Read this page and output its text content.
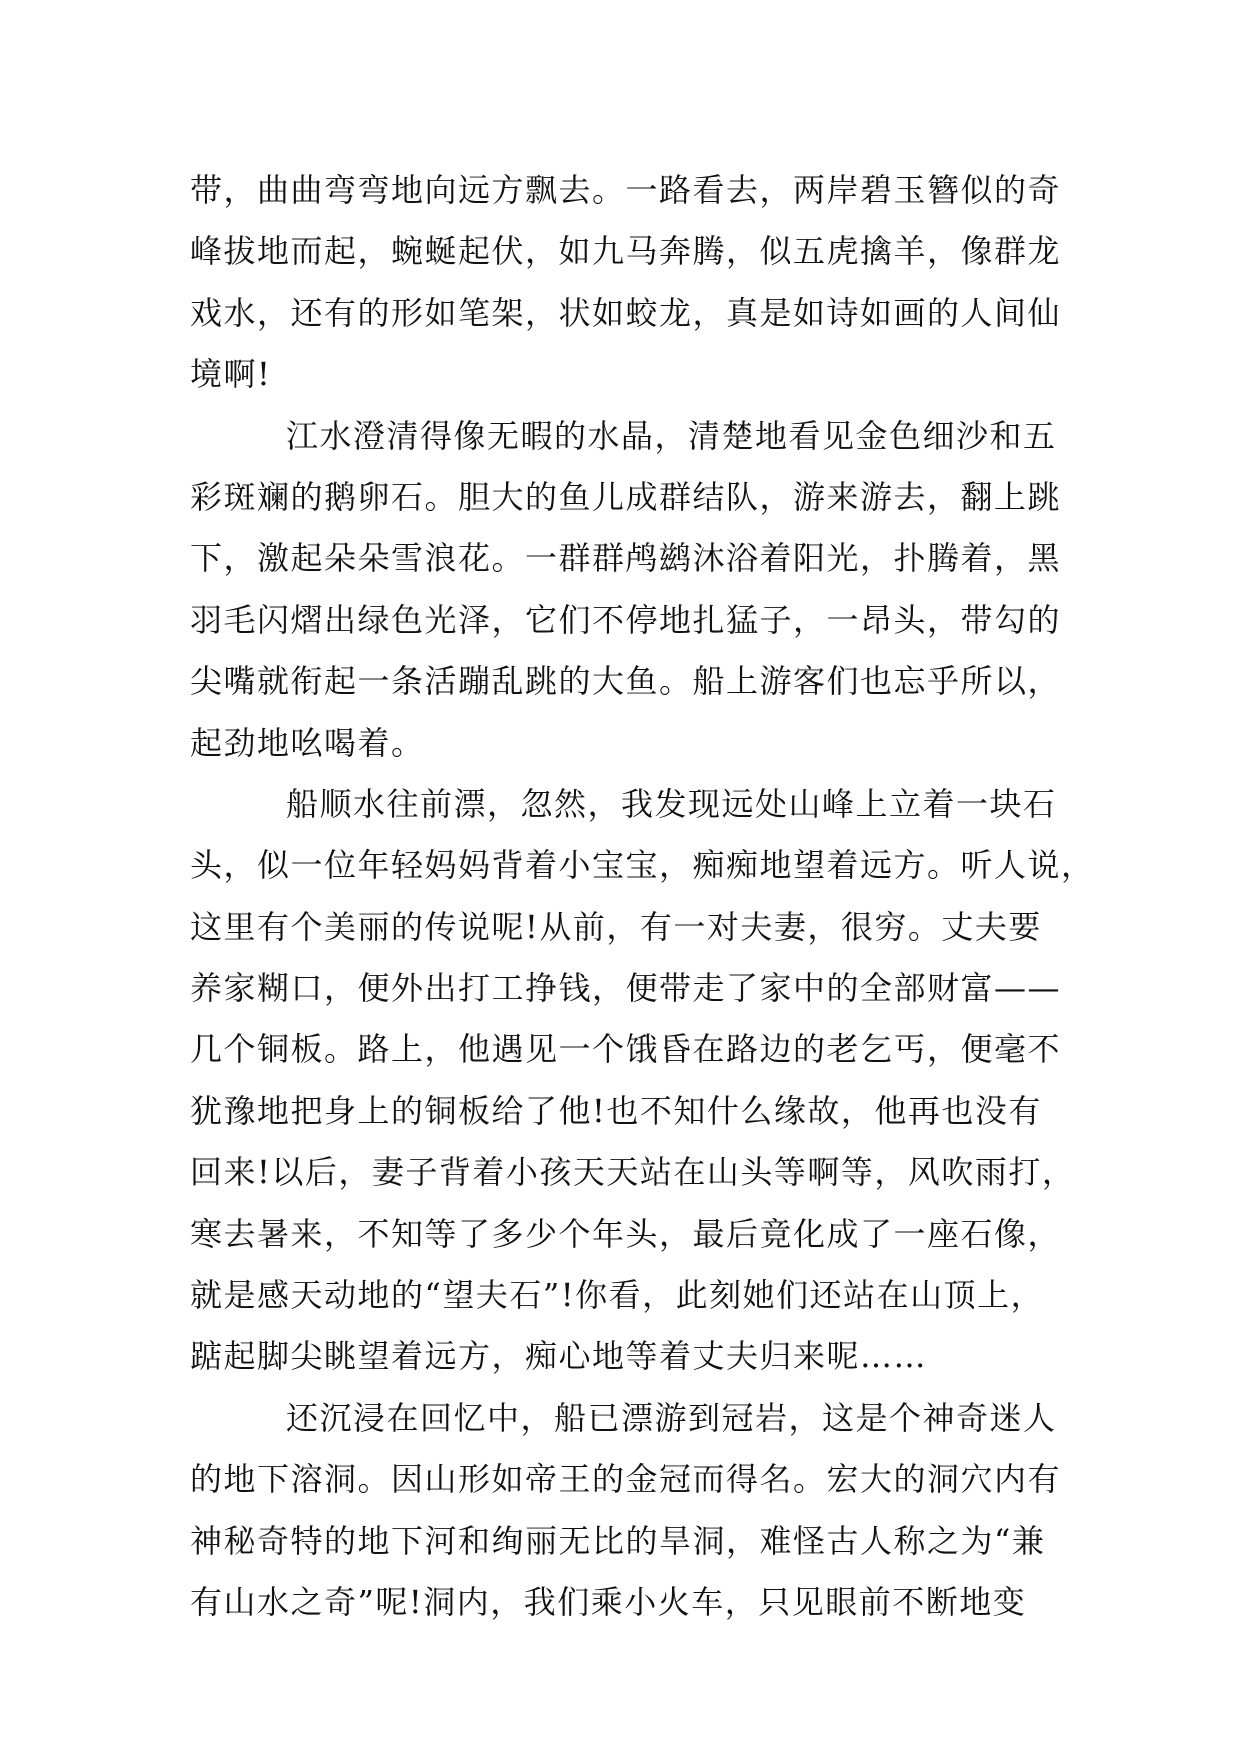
带，曲曲弯弯地向远方飘去。一路看去，两岸碧玉簪似的奇
峰拔地而起，蜿蜒起伏，如九马奔腾，似五虎擒羊，像群龙
戏水，还有的形如笔架，状如蛟龙，真是如诗如画的人间仙
境啊!
江水澄清得像无暇的水晶，清楚地看见金色细沙和五
彩斑斓的鹅卵石。胆大的鱼儿成群结队，游来游去，翻上跳
下，激起朵朵雪浪花。一群群鸬鹚沐浴着阳光，扑腾着，黑
羽毛闪熠出绿色光泽，它们不停地扎猛子，一昂头，带勾的
尖嘴就衔起一条活蹦乱跳的大鱼。船上游客们也忘乎所以，
起劲地吆喝着。
船顺水往前漂，忽然，我发现远处山峰上立着一块石
头，似一位年轻妈妈背着小宝宝，痴痴地望着远方。听人说，
这里有个美丽的传说呢!从前，有一对夫妻，很穷。丈夫要
养家糊口，便外出打工挣钱，便带走了家中的全部财富——
几个铜板。路上，他遇见一个饿昏在路边的老乞丐，便毫不
犹豫地把身上的铜板给了他!也不知什么缘故，他再也没有
回来!以后，妻子背着小孩天天站在山头等啊等，风吹雨打，
寒去暑来，不知等了多少个年头，最后竟化成了一座石像，
就是感天动地的“望夫石”!你看，此刻她们还站在山顶上，
踮起脚尖眺望着远方，痴心地等着丈夫归来呢……
还沉浸在回忆中，船已漂游到冠岩，这是个神奇迷人
的地下溶洞。因山形如帝王的金冠而得名。宏大的洞穴内有
神秘奇特的地下河和绚丽无比的旱洞，难怪古人称之为“兼
有山水之奇”呢!洞内，我们乘小火车，只见眼前不断地变
